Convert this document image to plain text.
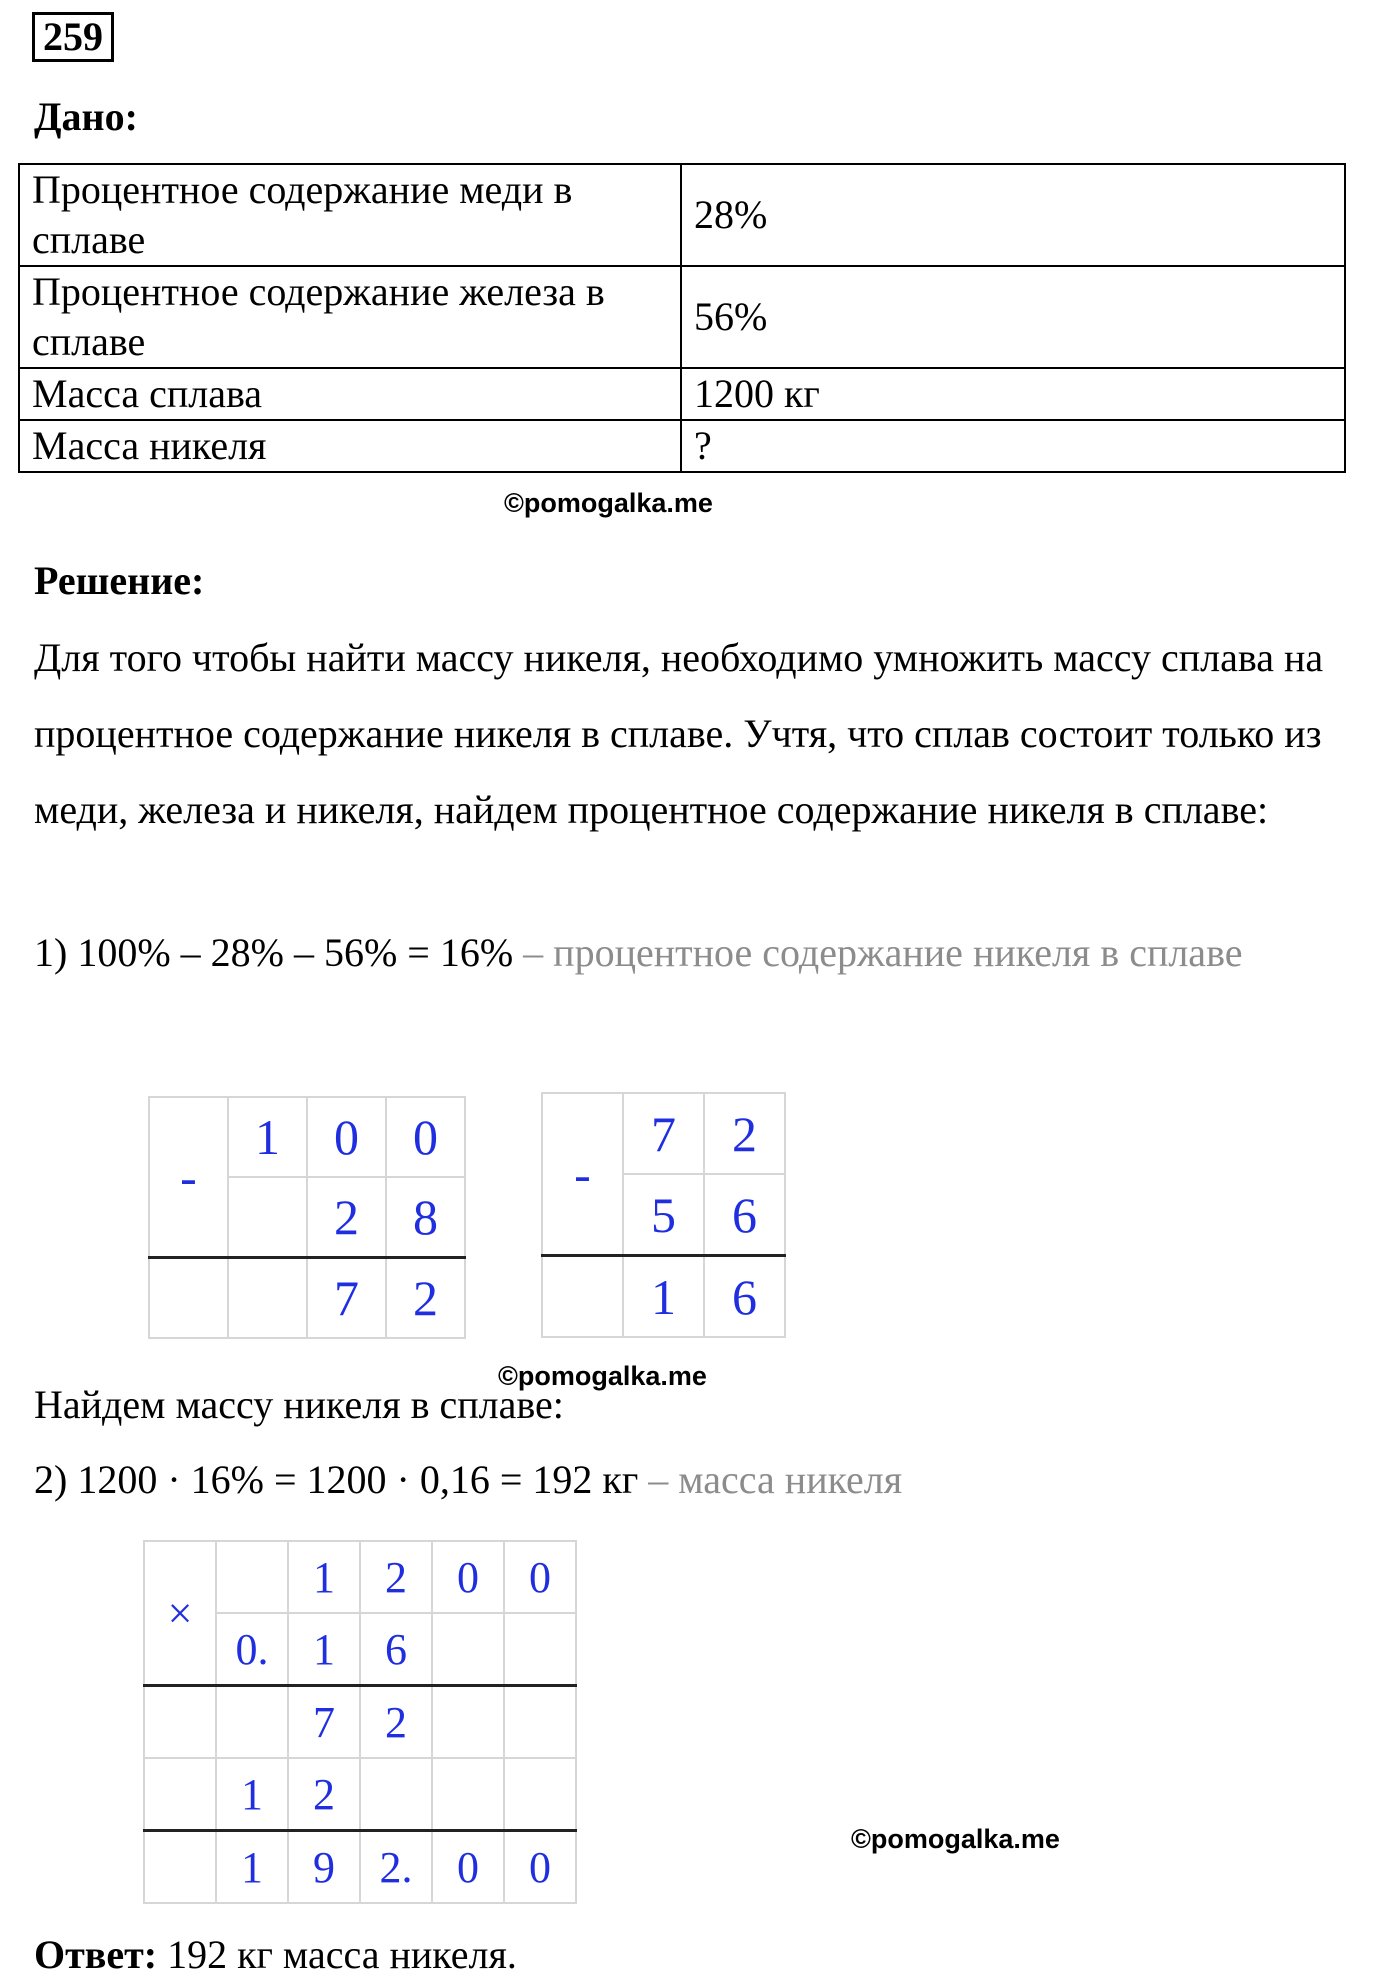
259
Дано:
Процентное содержание меди в сплаве	28%
Процентное содержание железа в сплаве	56%
Масса сплава	1200 кг
Масса никеля	?
©pomogalka.me
Решение:
Для того чтобы найти массу никеля, необходимо умножить массу сплава на процентное содержание никеля в сплаве. Учтя, что сплав состоит только из меди, железа и никеля, найдем процентное содержание никеля в сплаве:
1) 100% – 28% – 56% = 16% – процентное содержание никеля в сплаве
-	1	0	0
		2	8
		7	2
-	7	2
	5	6
	1	6
©pomogalka.me
Найдем массу никеля в сплаве:
2) 1200 · 16% = 1200 · 0,16 = 192 кг – масса никеля
×		1	2	0	0
	0.	1	6		
		7	2		
	1	2			
	1	9	2.	0	0
©pomogalka.me
Ответ: 192 кг масса никеля.
